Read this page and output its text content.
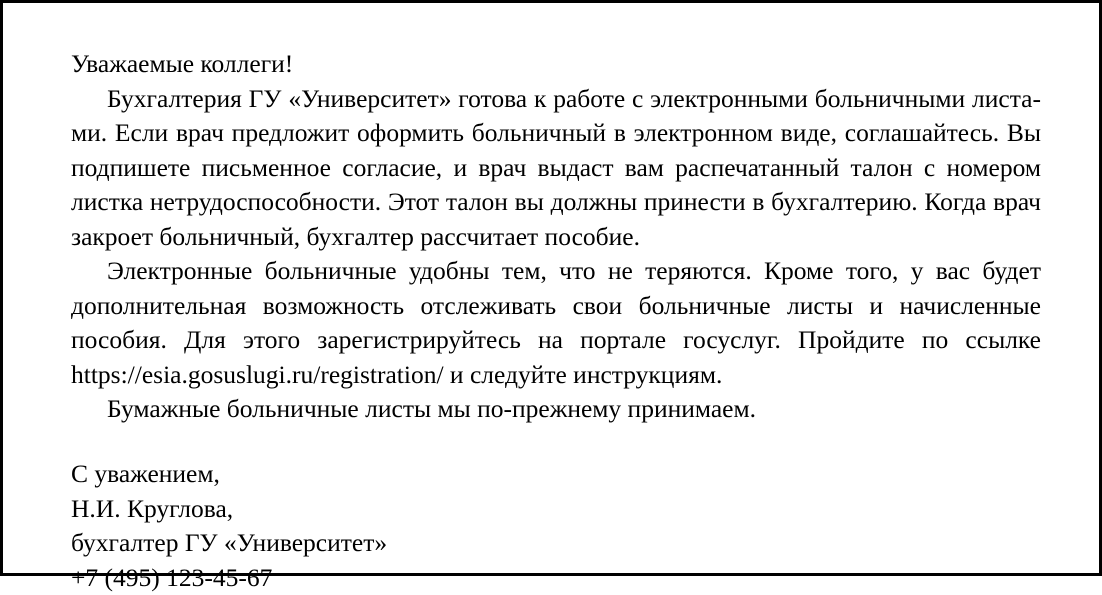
Уважаемые коллеги!

Бухгалтерия ГУ «Университет» готова к работе с электронными больничными листами. Если врач предложит оформить больничный в электронном виде, соглашайтесь. Вы подпишете письменное согласие, и врач выдаст вам распечатанный талон с номером листка нетрудоспособности. Этот талон вы должны принести в бухгалтерию. Когда врач закроет больничный, бухгалтер рассчитает пособие.

Электронные больничные удобны тем, что не теряются. Кроме того, у вас будет дополнительная возможность отслеживать свои больничные листы и начисленные пособия. Для этого зарегистрируйтесь на портале госуслуг. Пройдите по ссылке https://esia.gosuslugi.ru/registration/ и следуйте инструкциям.

Бумажные больничные листы мы по-прежнему принимаем.

С уважением,

Н.И. Круглова,

бухгалтер ГУ «Университет»

+7 (495) 123-45-67
